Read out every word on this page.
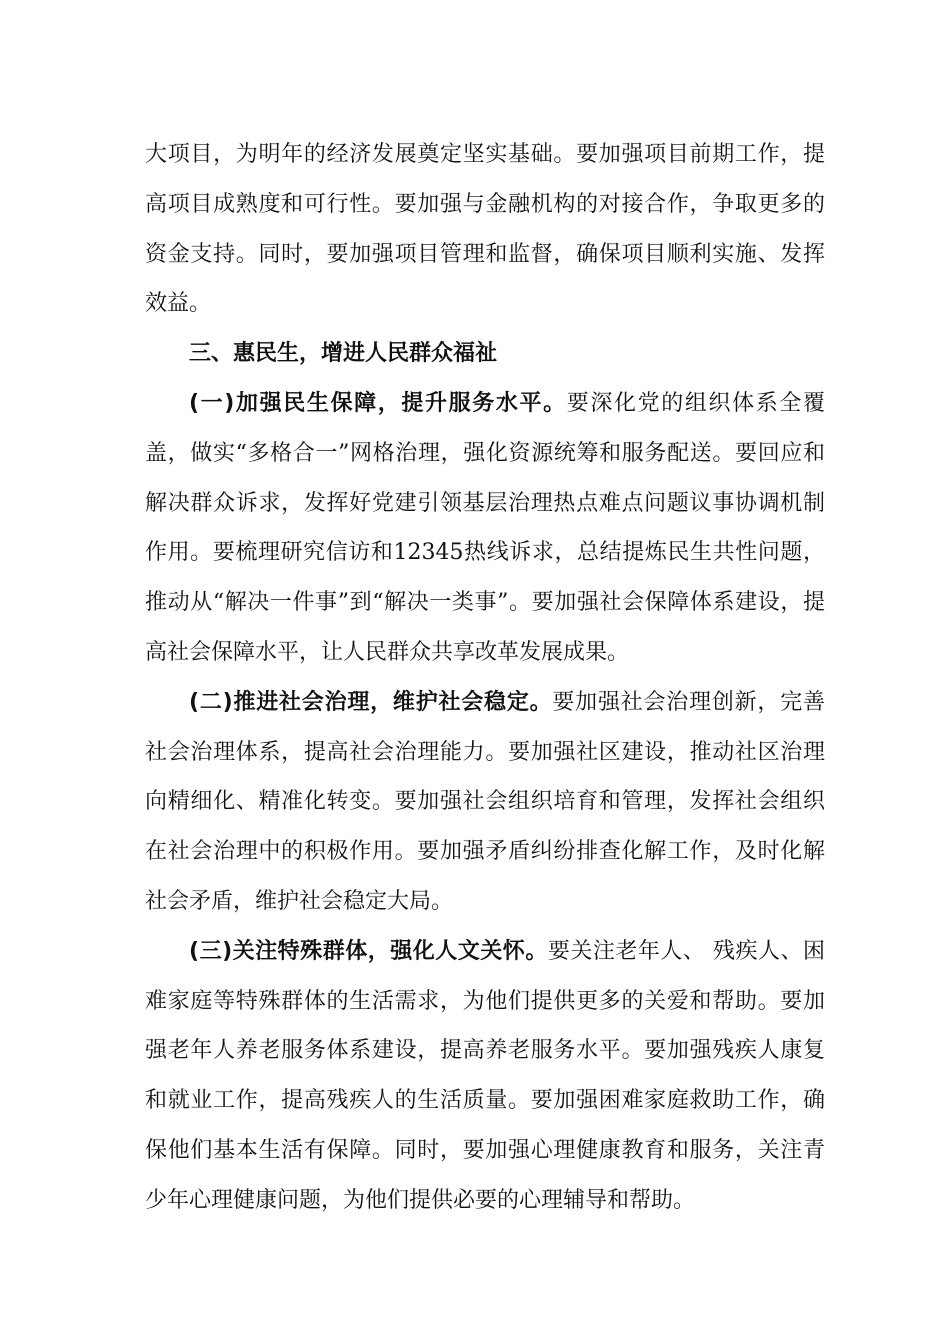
大项目，为明年的经济发展奠定坚实基础。要加强项目前期工作，提高项目成熟度和可行性。要加强与金融机构的对接合作，争取更多的资金支持。同时，要加强项目管理和监督，确保项目顺利实施、发挥效益。

三、惠民生，增进人民群众福祉

(一)加强民生保障，提升服务水平。要深化党的组织体系全覆盖，做实“多格合一”网格治理，强化资源统筹和服务配送。要回应和解决群众诉求，发挥好党建引领基层治理热点难点问题议事协调机制作用。要梳理研究信访和12345热线诉求，总结提炼民生共性问题，推动从“解决一件事”到“解决一类事”。要加强社会保障体系建设，提高社会保障水平，让人民群众共享改革发展成果。

(二)推进社会治理，维护社会稳定。要加强社会治理创新，完善社会治理体系，提高社会治理能力。要加强社区建设，推动社区治理向精细化、精准化转变。要加强社会组织培育和管理，发挥社会组织在社会治理中的积极作用。要加强矛盾纠纷排查化解工作，及时化解社会矛盾，维护社会稳定大局。

(三)关注特殊群体，强化人文关怀。要关注老年人、 残疾人、困难家庭等特殊群体的生活需求，为他们提供更多的关爱和帮助。要加强老年人养老服务体系建设，提高养老服务水平。要加强残疾人康复和就业工作，提高残疾人的生活质量。要加强困难家庭救助工作，确保他们基本生活有保障。同时，要加强心理健康教育和服务，关注青少年心理健康问题，为他们提供必要的心理辅导和帮助。
